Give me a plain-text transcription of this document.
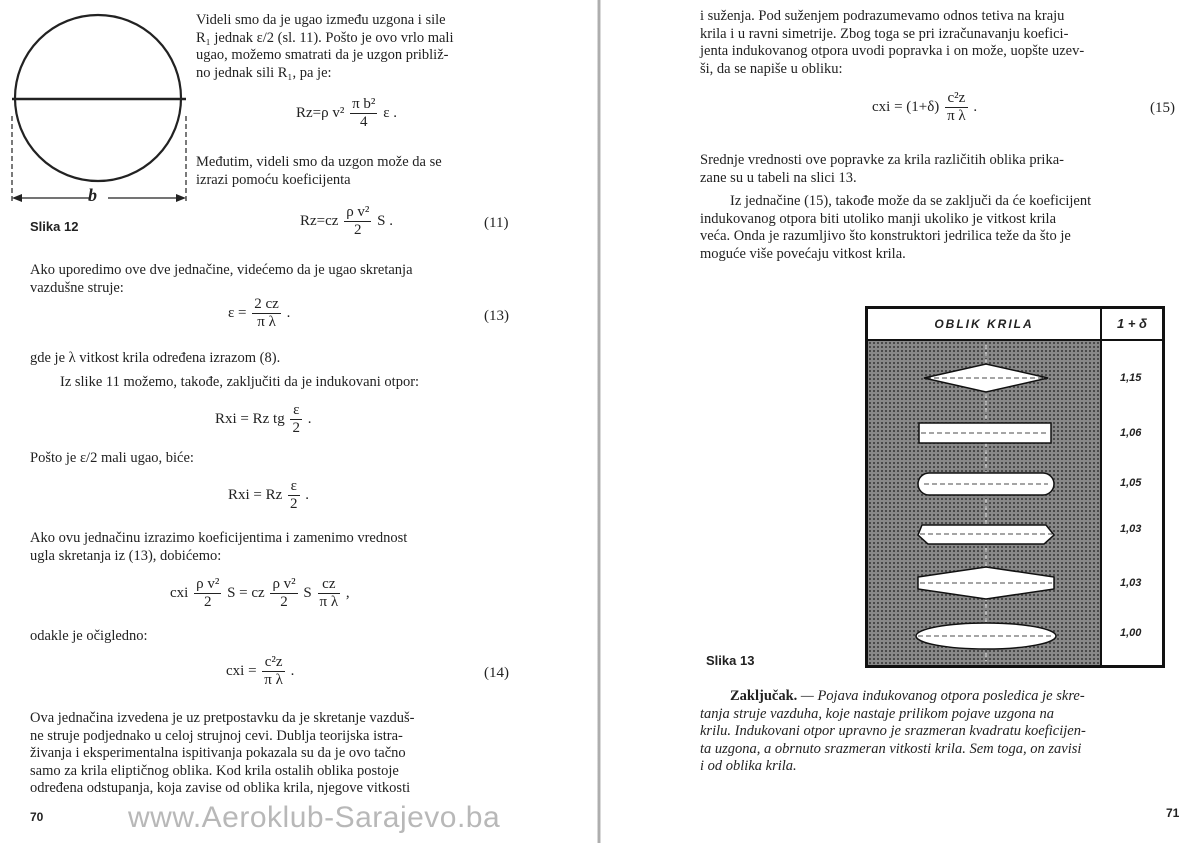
b
Slika 12
Videli smo da je ugao između uzgona i sile
R₁ jednak ε/2 (sl. 11). Pošto je ovo vrlo mali
ugao, možemo smatrati da je uzgon približ-
no jednak sili R₁, pa je:
Rz=ρ $v^2 \frac{\text{π b²}}{4}$ ε .
Međutim, videli smo da uzgon može da se
izrazi pomoću koeficijenta
$Rz=cz \frac{\text{ρ v²}}{2}$ S .	(11)
Ako uporedimo ove dve jednačine, videćemo da je ugao skretanja
vazdušne struje:
$\varepsilon = \frac{2 cz}{\text{π λ}}$ .	(13)
gde je λ vitkost krila određena izrazom (8).
Iz slike 11 možemo, takođe, zaključiti da je indukovani otpor:
Rxi = Rz tg $\frac{\varepsilon}{2}$ .
Pošto je ε/2 mali ugao, biće:
Rxi = Rz $\frac{\varepsilon}{2}$ .
Ako ovu jednačinu izrazimo koeficijentima i zamenimo vrednost
ugla skretanja iz (13), dobićemo:
cxi $\frac{\text{ρ v²}}{2}$ S = cz $\frac{\text{ρ v²}}{2}$ S $\frac{cz}{\text{π λ}}$ ,
odakle je očigledno:
cxi = $\frac{\text{c²z}}{\text{π λ}}$ .	(14)
Ova jednačina izvedena je uz pretpostavku da je skretanje vazduš-
ne struje podjednako u celoj strujnoj cevi. Dublja teorijska istra-
živanja i eksperimentalna ispitivanja pokazala su da je ovo tačno
samo za krila eliptičnog oblika. Kod krila ostalih oblika postoje
određena odstupanja, koja zavise od oblika krila, njegove vitkosti
70	www.Aeroklub-Sarajevo.ba
i suženja. Pod suženjem podrazumevamo odnos tetiva na kraju
krila i u ravni simetrije. Zbog toga se pri izračunavanju koefici-
jenta indukovanog otpora uvodi popravka i on može, uopšte uzev-
ši, da se napiše u obliku:
cxi = $(1+\delta) \frac{\text{c²z}}{\text{π λ}}$ .	(15)
Srednje vrednosti ove popravke za krila različitih oblika prika-
zane su u tabeli na slici 13.
Iz jednačine (15), takođe može da se zaključi da će koeficijent
indukovanog otpora biti utoliko manji ukoliko je vitkost krila
veća. Onda je razumljivo što konstruktori jedrilica teže da što je
moguće više povećaju vitkost krila.
OBLIK KRILA	1 + δ
1,15
1,06
1,05
1,03
1,03
1,00
Slika 13
Zaključak. — Pojava indukovanog otpora posledica je skre-
tanja struje vazduha, koje nastaje prilikom pojave uzgona na
krilu. Indukovani otpor upravno je srazmeran kvadratu koeficijen-
ta uzgona, a obrnuto srazmeran vitkosti krila. Sem toga, on zavisi
i od oblika krila.
71
